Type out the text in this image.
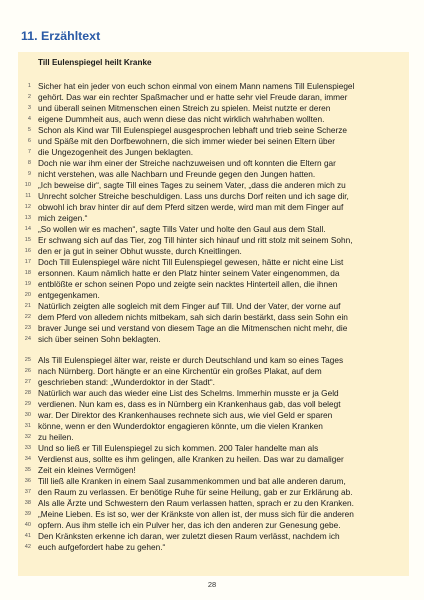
11. Erzähltext
Till Eulenspiegel heilt Kranke
1 Sicher hat ein jeder von euch schon einmal von einem Mann namens Till Eulenspiegel
2 gehört. Das war ein rechter Spaßmacher und er hatte sehr viel Freude daran, immer
3 und überall seinen Mitmenschen einen Streich zu spielen. Meist nutzte er deren
4 eigene Dummheit aus, auch wenn diese das nicht wirklich wahrhaben wollten.
5 Schon als Kind war Till Eulenspiegel ausgesprochen lebhaft und trieb seine Scherze
6 und Späße mit den Dorfbewohnern, die sich immer wieder bei seinen Eltern über
7 die Ungezogenheit des Jungen beklagten.
8 Doch nie war ihm einer der Streiche nachzuweisen und oft konnten die Eltern gar
9 nicht verstehen, was alle Nachbarn und Freunde gegen den Jungen hatten.
10 „Ich beweise dir“, sagte Till eines Tages zu seinem Vater, „dass die anderen mich zu
11 Unrecht solcher Streiche beschuldigen. Lass uns durchs Dorf reiten und ich sage dir,
12 obwohl ich brav hinter dir auf dem Pferd sitzen werde, wird man mit dem Finger auf
13 mich zeigen.“
14 „So wollen wir es machen“, sagte Tills Vater und holte den Gaul aus dem Stall.
15 Er schwang sich auf das Tier, zog Till hinter sich hinauf und ritt stolz mit seinem Sohn,
16 den er ja gut in seiner Obhut wusste, durch Kneitlingen.
17 Doch Till Eulenspiegel wäre nicht Till Eulenspiegel gewesen, hätte er nicht eine List
18 ersonnen. Kaum nämlich hatte er den Platz hinter seinem Vater eingenommen, da
19 entblößte er schon seinen Popo und zeigte sein nacktes Hinterteil allen, die ihnen
20 entgegenkamen.
21 Natürlich zeigten alle sogleich mit dem Finger auf Till. Und der Vater, der vorne auf
22 dem Pferd von alledem nichts mitbekam, sah sich darin bestärkt, dass sein Sohn ein
23 braver Junge sei und verstand von diesem Tage an die Mitmenschen nicht mehr, die
24 sich über seinen Sohn beklagten.
25 Als Till Eulenspiegel älter war, reiste er durch Deutschland und kam so eines Tages
26 nach Nürnberg. Dort hängte er an eine Kirchentür ein großes Plakat, auf dem
27 geschrieben stand: „Wunderdoktor in der Stadt“.
28 Natürlich war auch das wieder eine List des Schelms. Immerhin musste er ja Geld
29 verdienen. Nun kam es, dass es in Nürnberg ein Krankenhaus gab, das voll belegt
30 war. Der Direktor des Krankenhauses rechnete sich aus, wie viel Geld er sparen
31 könne, wenn er den Wunderdoktor engagieren könnte, um die vielen Kranken
32 zu heilen.
33 Und so ließ er Till Eulenspiegel zu sich kommen. 200 Taler handelte man als
34 Verdienst aus, sollte es ihm gelingen, alle Kranken zu heilen. Das war zu damaliger
35 Zeit ein kleines Vermögen!
36 Till ließ alle Kranken in einem Saal zusammenkommen und bat alle anderen darum,
37 den Raum zu verlassen. Er benötige Ruhe für seine Heilung, gab er zur Erklärung ab.
38 Als alle Ärzte und Schwestern den Raum verlassen hatten, sprach er zu den Kranken.
39 „Meine Lieben. Es ist so, wer der Kränkste von allen ist, der muss sich für die anderen
40 opfern. Aus ihm stelle ich ein Pulver her, das ich den anderen zur Genesung gebe.
41 Den Kränksten erkenne ich daran, wer zuletzt diesen Raum verlässt, nachdem ich
42 euch aufgefordert habe zu gehen.“
28
